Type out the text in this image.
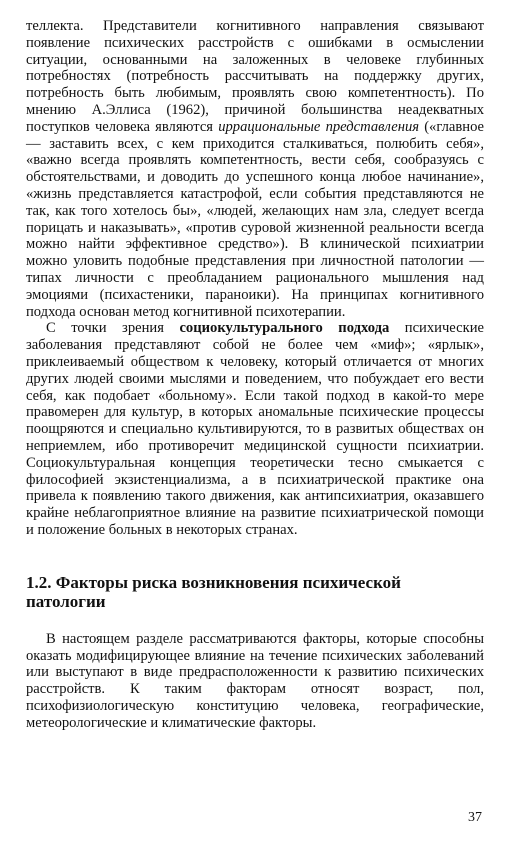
теллекта. Представители когнитивного направления связывают появление психических расстройств с ошибками в осмыслении ситуации, основанными на заложенных в человеке глубинных потребностях (потребность рассчитывать на поддержку других, потребность быть любимым, проявлять свою компетентность). По мнению А.Эллиса (1962), причиной большинства неадекватных поступков человека являются иррациональные представления («главное — заставить всех, с кем приходится сталкиваться, полюбить себя», «важно всегда проявлять компетентность, вести себя, сообразуясь с обстоятельствами, и доводить до успешного конца любое начинание», «жизнь представляется катастрофой, если события представляются не так, как того хотелось бы», «людей, желающих нам зла, следует всегда порицать и наказывать», «против суровой жизненной реальности всегда можно найти эффективное средство»). В клинической психиатрии можно уловить подобные представления при личностной патологии — типах личности с преобладанием рационального мышления над эмоциями (психастеники, параноики). На принципах когнитивного подхода основан метод когнитивной психотерапии.

С точки зрения социокультурального подхода психические заболевания представляют собой не более чем «миф»; «ярлык», приклеиваемый обществом к человеку, который отличается от многих других людей своими мыслями и поведением, что побуждает его вести себя, как подобает «больному». Если такой подход в какой-то мере правомерен для культур, в которых аномальные психические процессы поощряются и специально культивируются, то в развитых обществах он неприемлем, ибо противоречит медицинской сущности психиатрии. Социокультуральная концепция теоретически тесно смыкается с философией экзистенциализма, а в психиатрической практике она привела к появлению такого движения, как антипсихиатрия, оказавшего крайне неблагоприятное влияние на развитие психиатрической помощи и положение больных в некоторых странах.

1.2. Факторы риска возникновения психической патологии

В настоящем разделе рассматриваются факторы, которые способны оказать модифицирующее влияние на течение психических заболеваний или выступают в виде предрасположенности к развитию психических расстройств. К таким факторам относят возраст, пол, психофизиологическую конституцию человека, географические, метеорологические и климатические факторы.

37
